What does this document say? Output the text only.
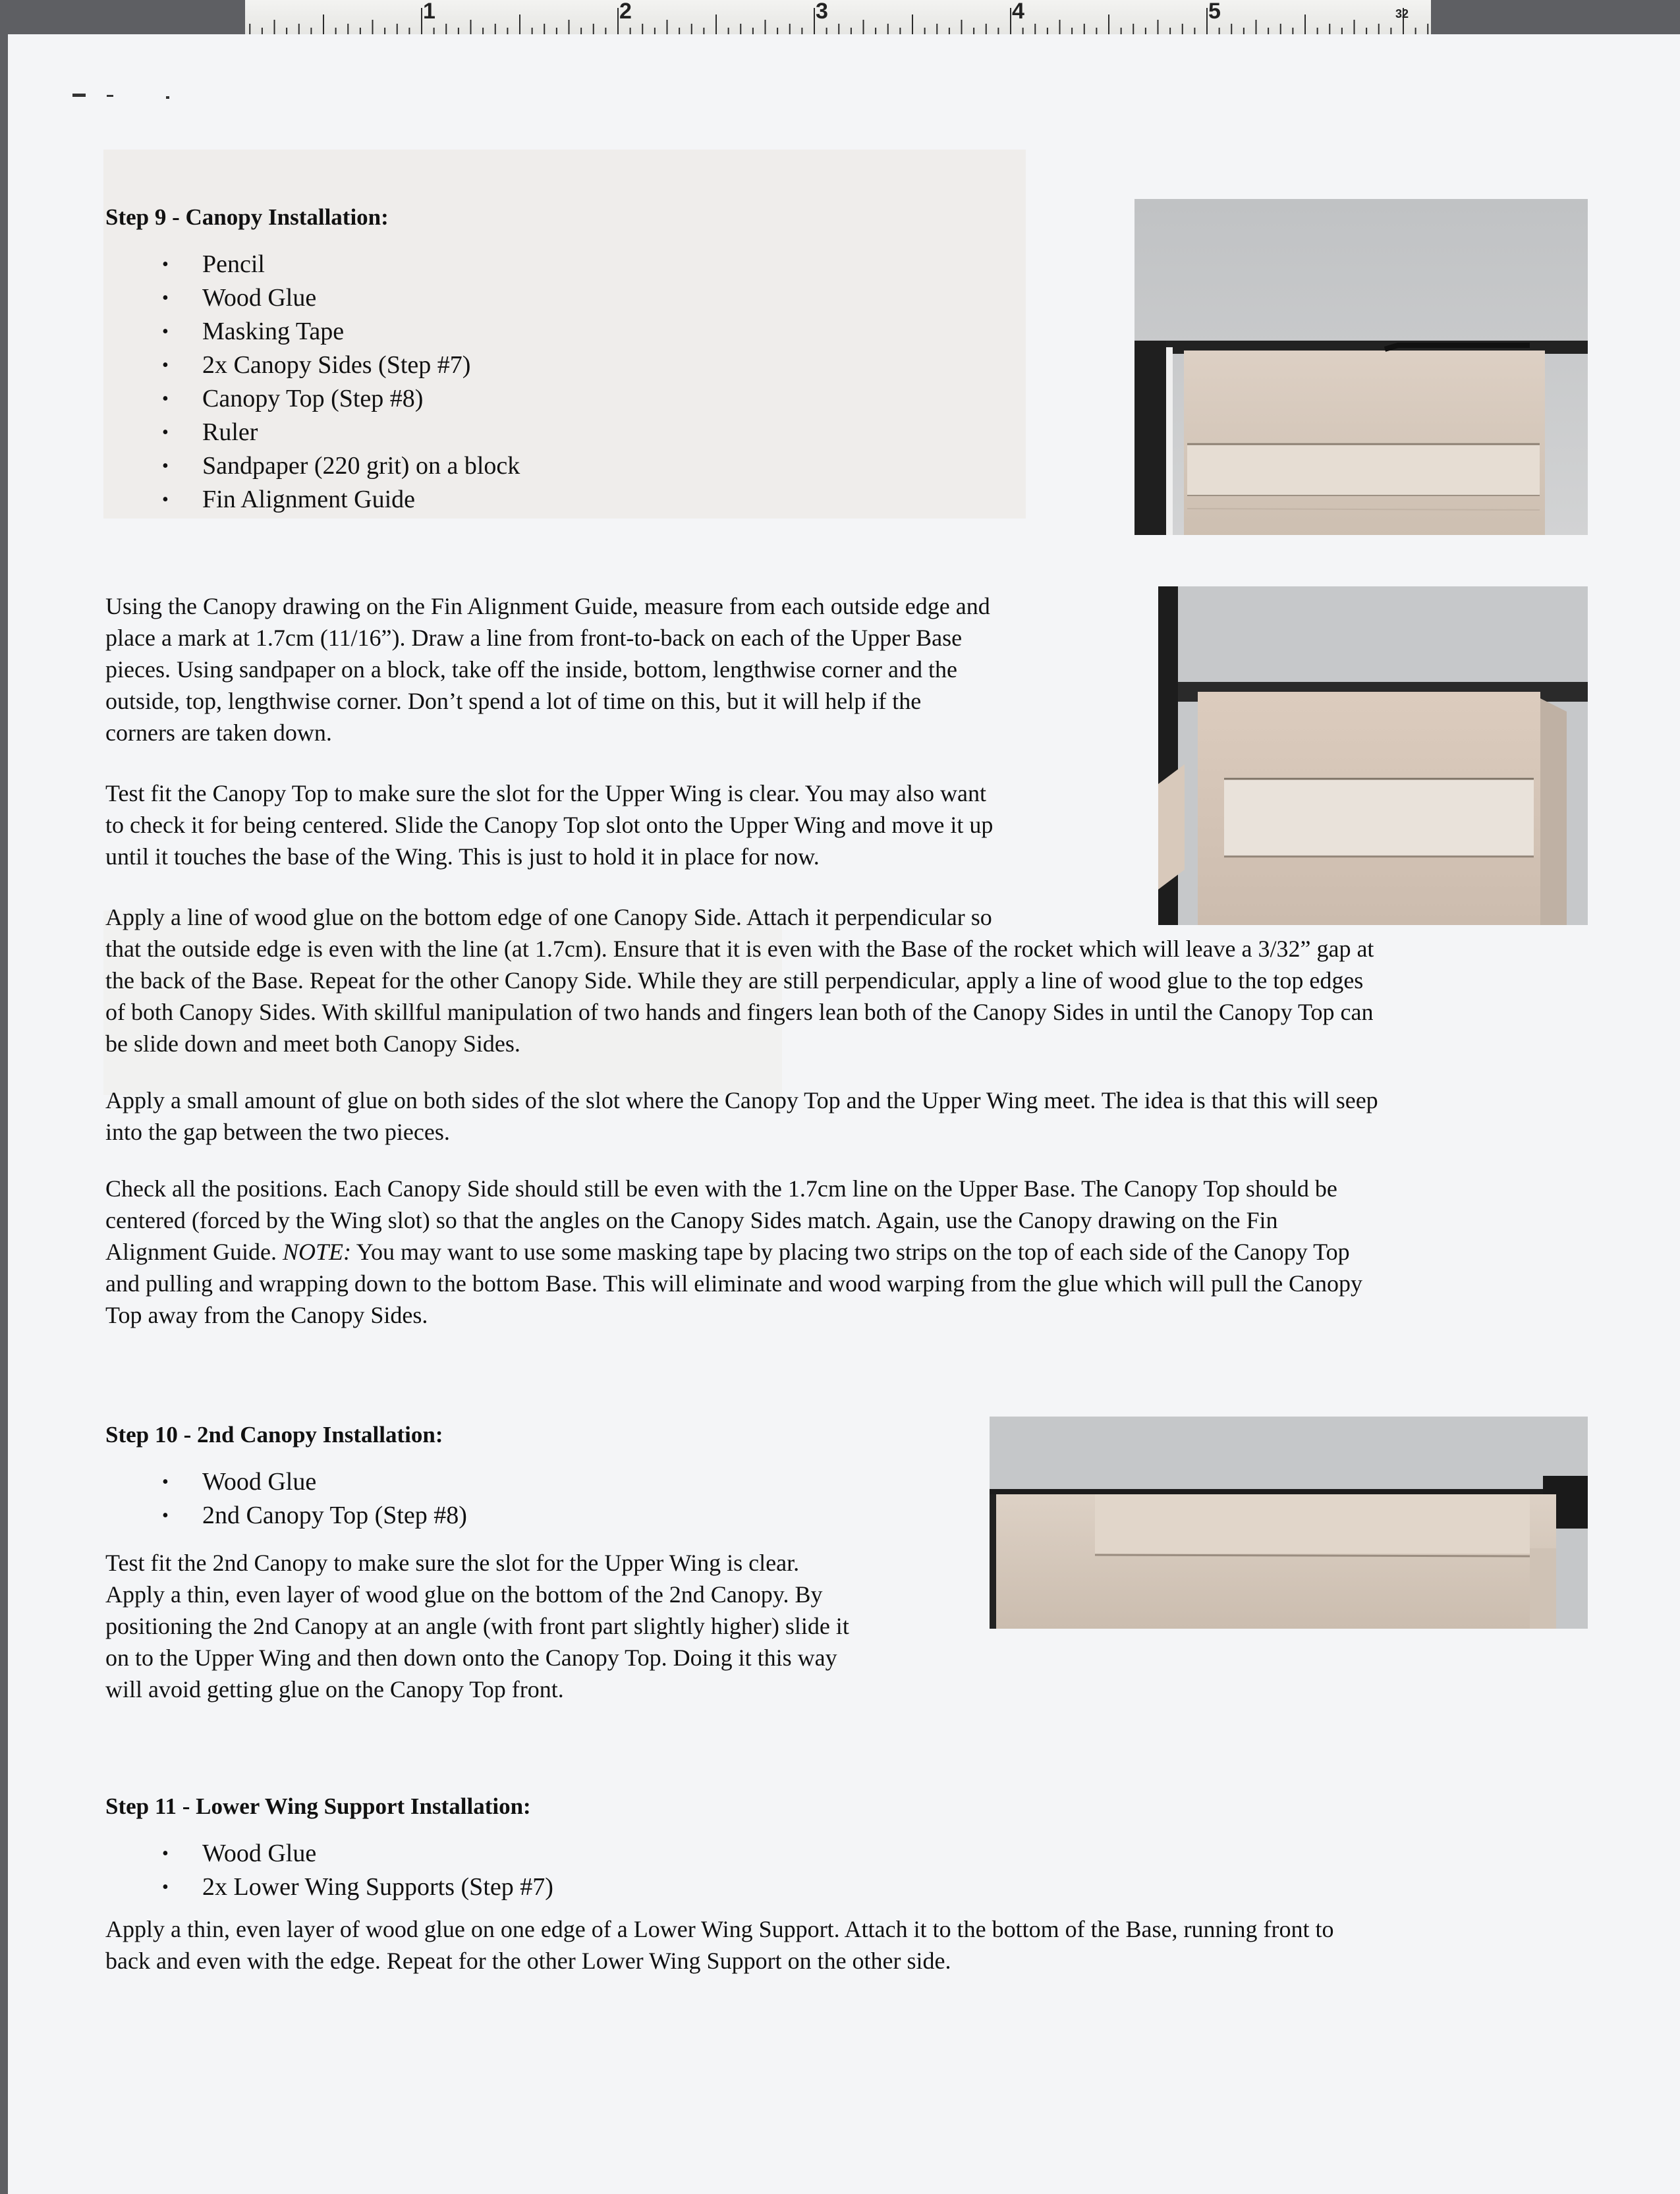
1	2	3	4	5	32
Step 9 - Canopy Installation:
• Pencil
• Wood Glue
• Masking Tape
• 2x Canopy Sides (Step #7)
• Canopy Top (Step #8)
• Ruler
• Sandpaper (220 grit) on a block
• Fin Alignment Guide
Using the Canopy drawing on the Fin Alignment Guide, measure from each outside edge and
place a mark at 1.7cm (11/16”). Draw a line from front-to-back on each of the Upper Base
pieces. Using sandpaper on a block, take off the inside, bottom, lengthwise corner and the
outside, top, lengthwise corner. Don’t spend a lot of time on this, but it will help if the
corners are taken down.
Test fit the Canopy Top to make sure the slot for the Upper Wing is clear. You may also want
to check it for being centered. Slide the Canopy Top slot onto the Upper Wing and move it up
until it touches the base of the Wing. This is just to hold it in place for now.
Apply a line of wood glue on the bottom edge of one Canopy Side. Attach it perpendicular so
that the outside edge is even with the line (at 1.7cm). Ensure that it is even with the Base of the rocket which will leave a 3/32” gap at
the back of the Base. Repeat for the other Canopy Side. While they are still perpendicular, apply a line of wood glue to the top edges
of both Canopy Sides. With skillful manipulation of two hands and fingers lean both of the Canopy Sides in until the Canopy Top can
be slide down and meet both Canopy Sides.
Apply a small amount of glue on both sides of the slot where the Canopy Top and the Upper Wing meet. The idea is that this will seep
into the gap between the two pieces.
Check all the positions. Each Canopy Side should still be even with the 1.7cm line on the Upper Base. The Canopy Top should be
centered (forced by the Wing slot) so that the angles on the Canopy Sides match. Again, use the Canopy drawing on the Fin
Alignment Guide. NOTE: You may want to use some masking tape by placing two strips on the top of each side of the Canopy Top
and pulling and wrapping down to the bottom Base. This will eliminate and wood warping from the glue which will pull the Canopy
Top away from the Canopy Sides.
Step 10 - 2nd Canopy Installation:
• Wood Glue
• 2nd Canopy Top (Step #8)
Test fit the 2nd Canopy to make sure the slot for the Upper Wing is clear.
Apply a thin, even layer of wood glue on the bottom of the 2nd Canopy. By
positioning the 2nd Canopy at an angle (with front part slightly higher) slide it
on to the Upper Wing and then down onto the Canopy Top. Doing it this way
will avoid getting glue on the Canopy Top front.
Step 11 - Lower Wing Support Installation:
• Wood Glue
• 2x Lower Wing Supports (Step #7)
Apply a thin, even layer of wood glue on one edge of a Lower Wing Support. Attach it to the bottom of the Base, running front to
back and even with the edge. Repeat for the other Lower Wing Support on the other side.
